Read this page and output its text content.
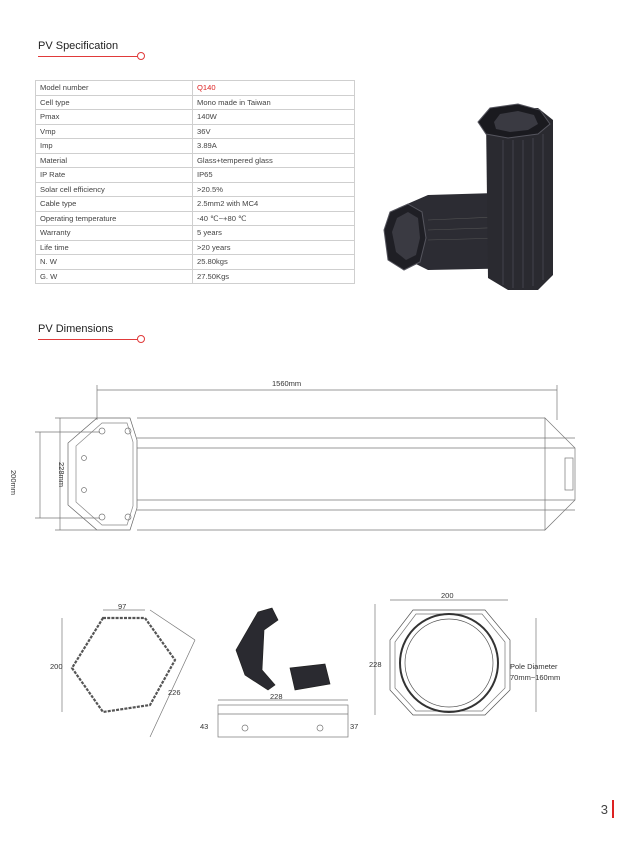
PV Specification
Model number	Q140
Cell type	Mono made in Taiwan
Pmax	140W
Vmp	36V
Imp	3.89A
Material	Glass+tempered glass
IP Rate	IP65
Solar cell efficiency	>20.5%
Cable type	2.5mm2 with MC4
Operating temperature	-40 ℃~+80 ℃
Warranty	5 years
Life time	>20 years
N. W	25.80kgs
G. W	27.50Kgs
PV Dimensions
1560mm
200mm	228mm
97
200
226	228
43	37
200
228	Pole Diameter
70mm~160mm
3
